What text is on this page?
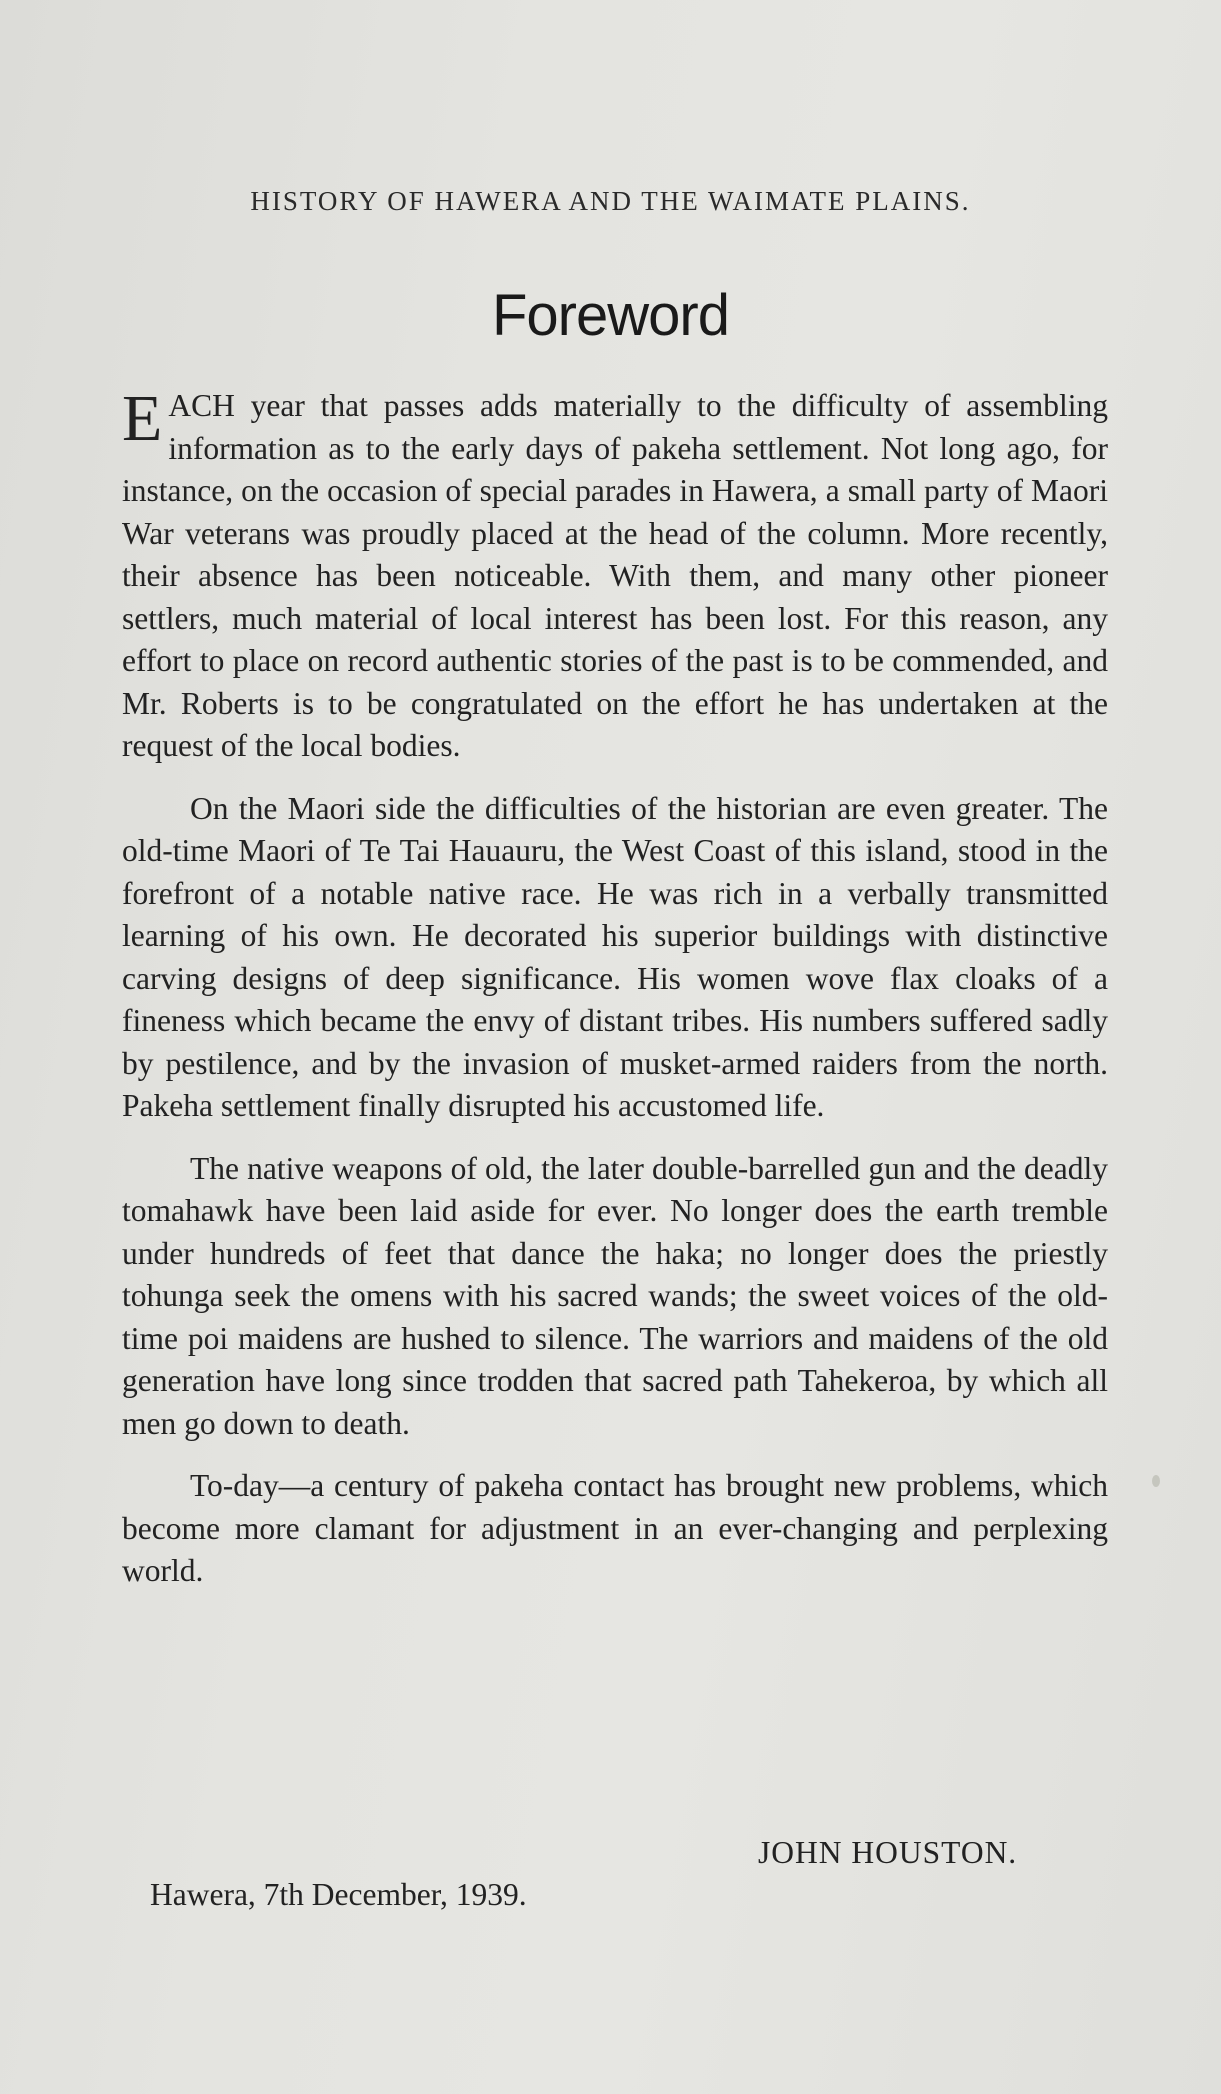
HISTORY OF HAWERA AND THE WAIMATE PLAINS.
Foreword

EACH year that passes adds materially to the difficulty of assembling information as to the early days of pakeha settlement. Not long ago, for instance, on the occasion of special parades in Hawera, a small party of Maori War veterans was proudly placed at the head of the column. More recently, their absence has been noticeable. With them, and many other pioneer settlers, much material of local interest has been lost. For this reason, any effort to place on record authentic stories of the past is to be commended, and Mr. Roberts is to be congratulated on the effort he has undertaken at the request of the local bodies.

On the Maori side the difficulties of the historian are even greater. The old-time Maori of Te Tai Hauauru, the West Coast of this island, stood in the forefront of a notable native race. He was rich in a verbally transmitted learning of his own. He decorated his superior buildings with distinctive carving designs of deep significance. His women wove flax cloaks of a fineness which became the envy of distant tribes. His numbers suffered sadly by pestilence, and by the invasion of musket-armed raiders from the north. Pakeha settlement finally disrupted his accustomed life.

The native weapons of old, the later double-barrelled gun and the deadly tomahawk have been laid aside for ever. No longer does the earth tremble under hundreds of feet that dance the haka; no longer does the priestly tohunga seek the omens with his sacred wands; the sweet voices of the old-time poi maidens are hushed to silence. The warriors and maidens of the old generation have long since trodden that sacred path Tahekeroa, by which all men go down to death.

To-day—a century of pakeha contact has brought new problems, which become more clamant for adjustment in an ever-changing and perplexing world.

JOHN HOUSTON.
Hawera, 7th December, 1939.
